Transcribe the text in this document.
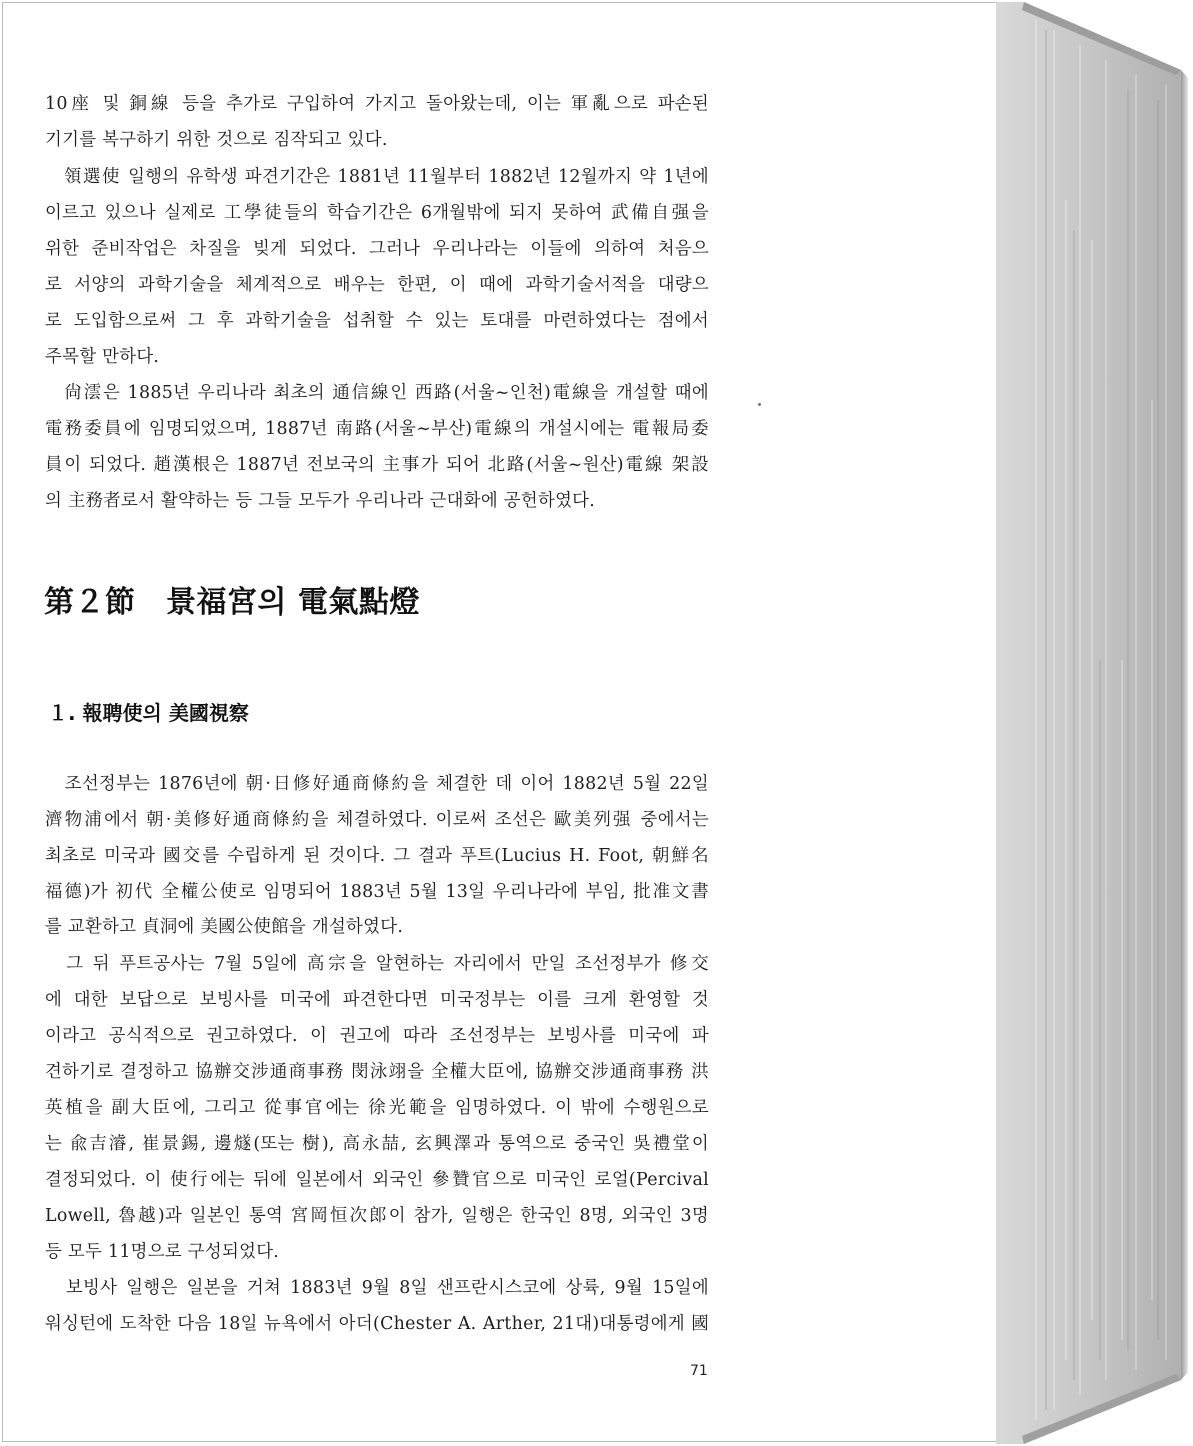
10座 및 銅線 등을 추가로 구입하여 가지고 돌아왔는데, 이는 軍亂으로 파손된
기기를 복구하기 위한 것으로 짐작되고 있다.
　領選使 일행의 유학생 파견기간은 1881년 11월부터 1882년 12월까지 약 1년에
이르고 있으나 실제로 工學徒들의 학습기간은 6개월밖에 되지 못하여 武備自强을
위한 준비작업은 차질을 빚게 되었다. 그러나 우리나라는 이들에 의하여 처음으
로 서양의 과학기술을 체계적으로 배우는 한편, 이 때에 과학기술서적을 대량으
로 도입함으로써 그 후 과학기술을 섭취할 수 있는 토대를 마련하였다는 점에서
주목할 만하다.
　尙澐은 1885년 우리나라 최초의 通信線인 西路(서울~인천)電線을 개설할 때에
電務委員에 임명되었으며, 1887년 南路(서울~부산)電線의 개설시에는 電報局委
員이 되었다. 趙漢根은 1887년 전보국의 主事가 되어 北路(서울~원산)電線 架設
의 主務者로서 활약하는 등 그들 모두가 우리나라 근대화에 공헌하였다.
第２節　景福宮의 電氣點燈
１. 報聘使의 美國視察
　조선정부는 1876년에 朝·日修好通商條約을 체결한 데 이어 1882년 5월 22일
濟物浦에서 朝·美修好通商條約을 체결하였다. 이로써 조선은 歐美列强 중에서는
최초로 미국과 國交를 수립하게 된 것이다. 그 결과 푸트(Lucius H. Foot, 朝鮮名
福德)가 初代 全權公使로 임명되어 1883년 5월 13일 우리나라에 부임, 批准文書
를 교환하고 貞洞에 美國公使館을 개설하였다.
　그 뒤 푸트공사는 7월 5일에 高宗을 알현하는 자리에서 만일 조선정부가 修交
에 대한 보답으로 보빙사를 미국에 파견한다면 미국정부는 이를 크게 환영할 것
이라고 공식적으로 권고하였다. 이 권고에 따라 조선정부는 보빙사를 미국에 파
견하기로 결정하고 協辦交涉通商事務 閔泳翊을 全權大臣에, 協辦交涉通商事務 洪
英植을 副大臣에, 그리고 從事官에는 徐光範을 임명하였다. 이 밖에 수행원으로
는 兪吉濬, 崔景錫, 邊燧(또는 樹), 高永喆, 玄興澤과 통역으로 중국인 吳禮堂이
결정되었다. 이 使行에는 뒤에 일본에서 외국인 參贊官으로 미국인 로얼(Percival
Lowell, 魯越)과 일본인 통역 宮岡恒次郎이 참가, 일행은 한국인 8명, 외국인 3명
등 모두 11명으로 구성되었다.
　보빙사 일행은 일본을 거쳐 1883년 9월 8일 샌프란시스코에 상륙, 9월 15일에
워싱턴에 도착한 다음 18일 뉴욕에서 아더(Chester A. Arther, 21대)대통령에게 國
71
